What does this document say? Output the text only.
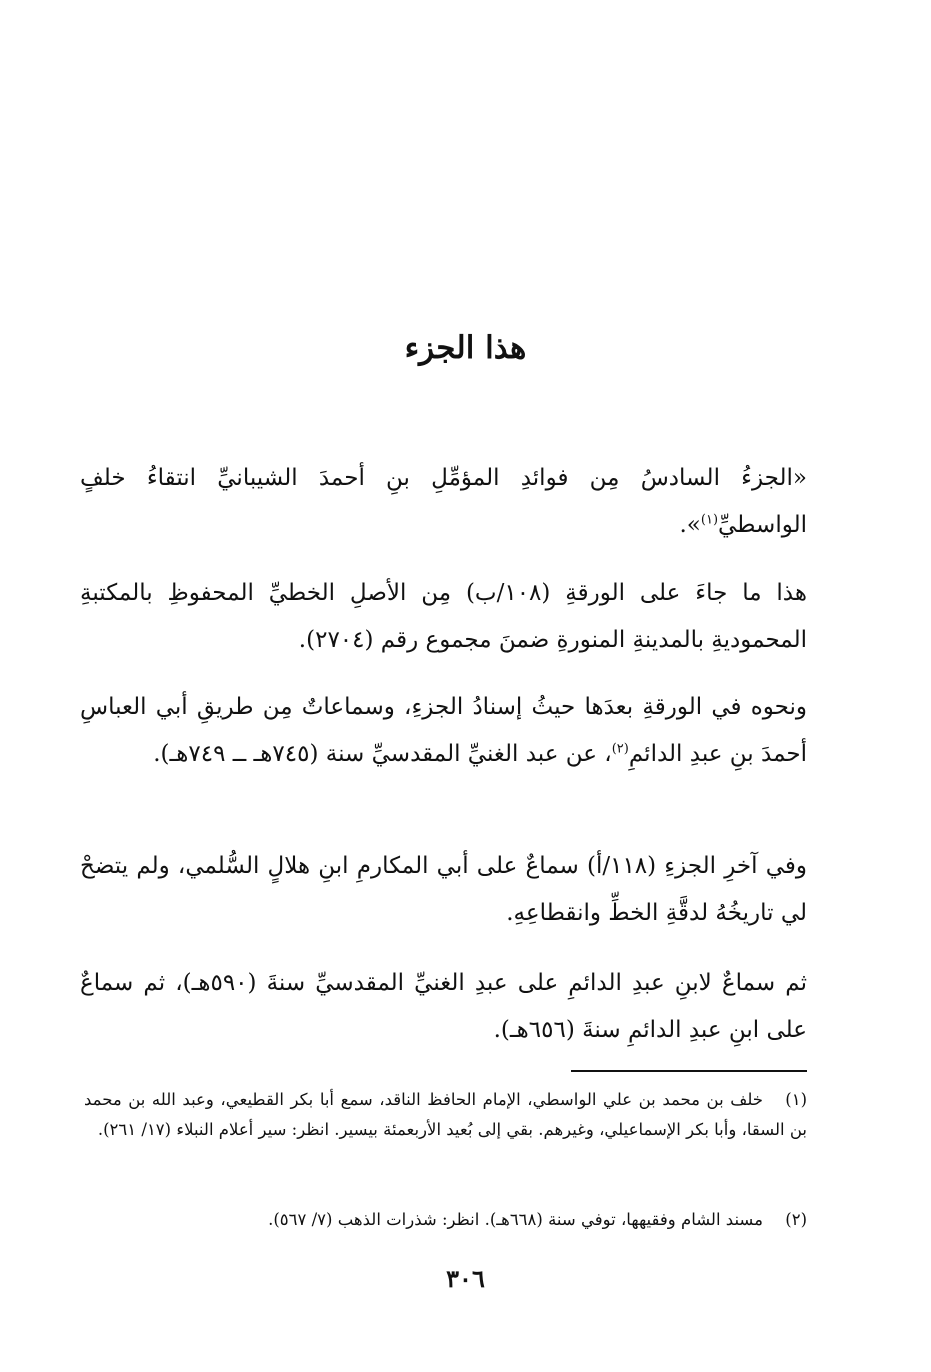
هذا الجزء
«الجزءُ السادسُ مِن فوائدِ المؤمِّلِ بنِ أحمدَ الشيبانيِّ انتقاءُ خلفٍ الواسطيِّ$^{(١)}$».
هذا ما جاءَ على الورقةِ (١٠٨/ب) مِن الأصلِ الخطيِّ المحفوظِ بالمكتبةِ المحموديةِ بالمدينةِ المنورةِ ضمنَ مجموع رقم (٢٧٠٤).
ونحوه في الورقةِ بعدَها حيثُ إسنادُ الجزءِ، وسماعاتٌ مِن طريقِ أبي العباسِ أحمدَ بنِ عبدِ الدائمِ$^{(٢)}$، عن عبد الغنيِّ المقدسيِّ سنة (٧٤٥هـ ــ ٧٤٩هـ).
وفي آخرِ الجزءِ (١١٨/أ) سماعٌ على أبي المكارمِ ابنِ هلالٍ السُّلمي، ولم يتضحْ لي تاريخُهُ لدقَّةِ الخطِّ وانقطاعِهِ.
ثم سماعٌ لابنِ عبدِ الدائمِ على عبدِ الغنيِّ المقدسيِّ سنةَ (٥٩٠هـ)، ثم سماعٌ على ابنِ عبدِ الدائمِ سنةَ (٦٥٦هـ).
(١)خلف بن محمد بن علي الواسطي، الإمام الحافظ الناقد، سمع أبا بكر القطيعي، وعبد الله بن محمد بن السقا، وأبا بكر الإسماعيلي، وغيرهم. بقي إلى بُعيد الأربعمئة بيسير. انظر: سير أعلام النبلاء (١٧/ ٢٦١).
(٢)مسند الشام وفقيهها، توفي سنة (٦٦٨هـ). انظر: شذرات الذهب (٧/ ٥٦٧).
٣٠٦
